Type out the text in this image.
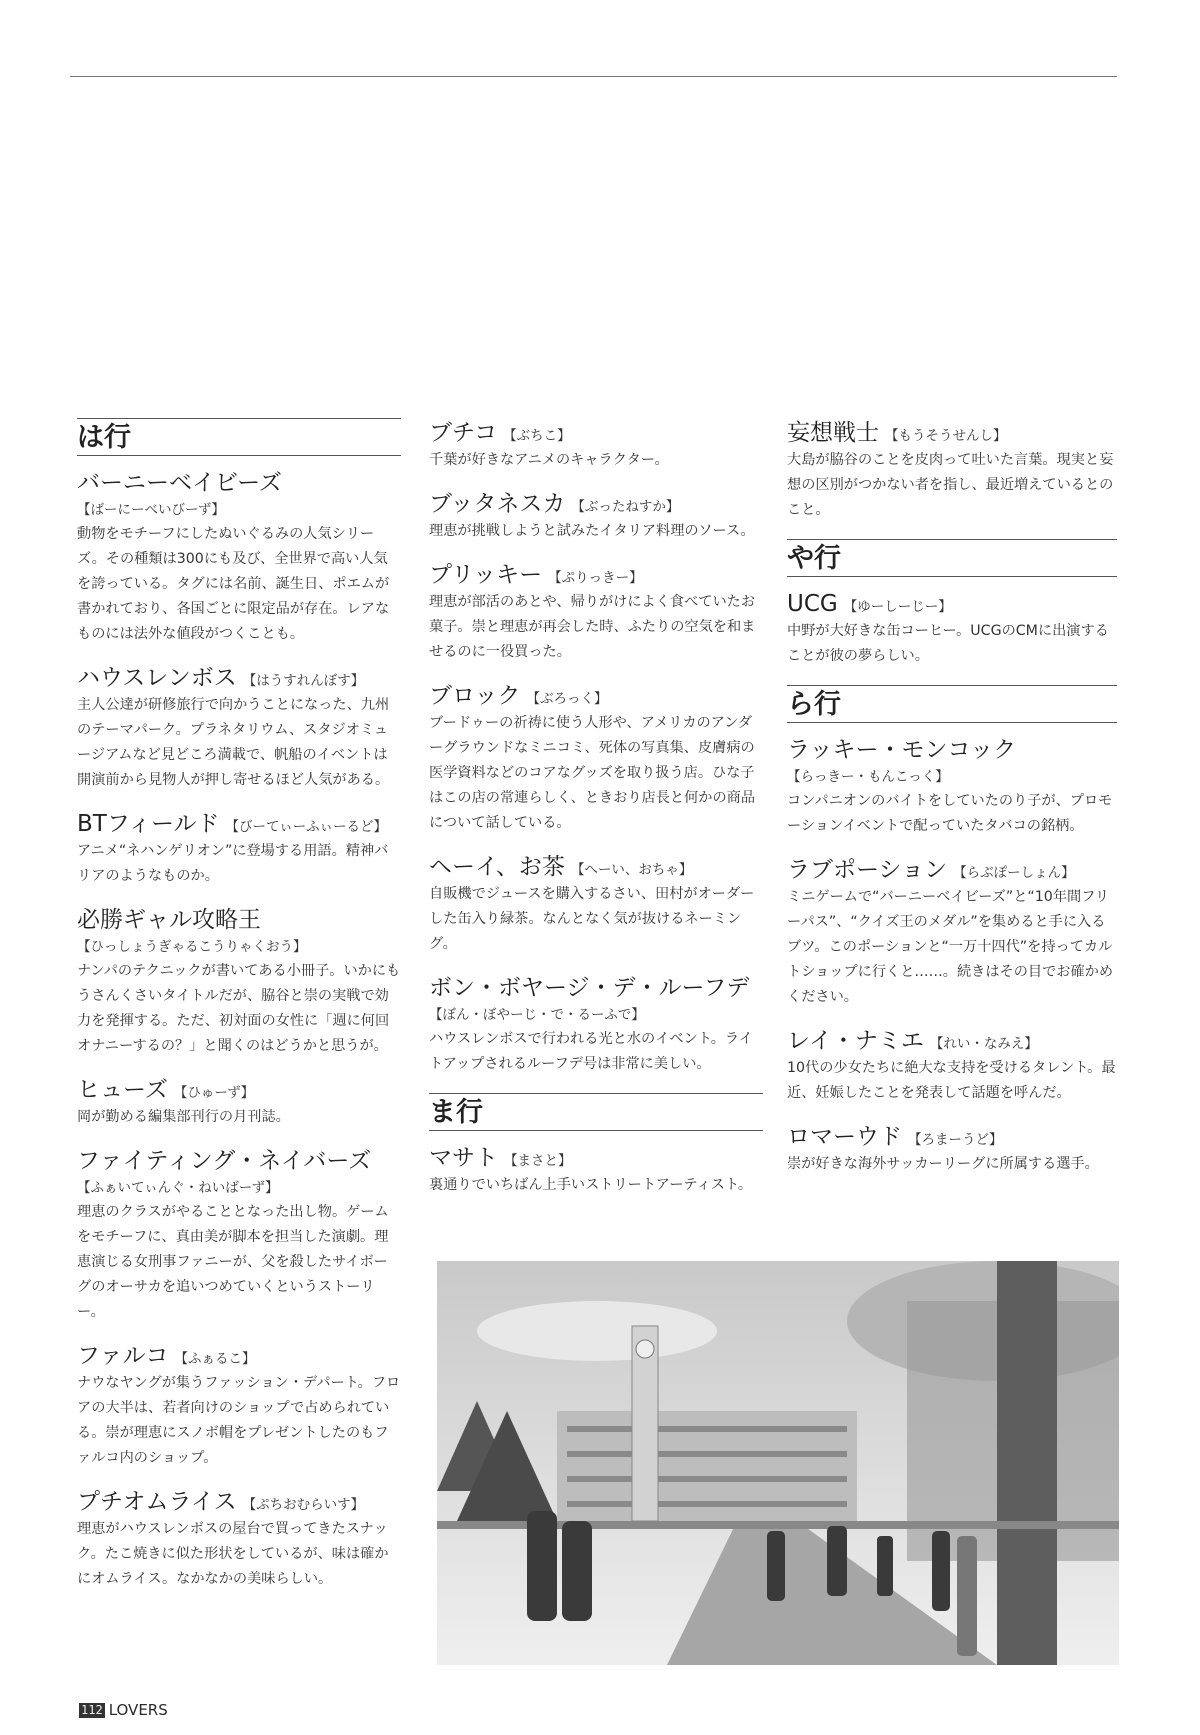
は行
バーニーベイビーズ
【ばーにーべいびーず】
動物をモチーフにしたぬいぐるみの人気シリーズ。その種類は300にも及び、全世界で高い人気を誇っている。タグには名前、誕生日、ポエムが書かれており、各国ごとに限定品が存在。レアなものには法外な値段がつくことも。
ハウスレンボス 【はうすれんぼす】
主人公達が研修旅行で向かうことになった、九州のテーマパーク。プラネタリウム、スタジオミュージアムなど見どころ満載で、帆船のイベントは開演前から見物人が押し寄せるほど人気がある。
BTフィールド 【びーてぃーふぃーるど】
アニメ“ネハンゲリオン”に登場する用語。精神バリアのようなものか。
必勝ギャル攻略王
【ひっしょうぎゃるこうりゃくおう】
ナンパのテクニックが書いてある小冊子。いかにもうさんくさいタイトルだが、脇谷と崇の実戦で効力を発揮する。ただ、初対面の女性に「週に何回オナニーするの？」と聞くのはどうかと思うが。
ヒューズ 【ひゅーず】
岡が勤める編集部刊行の月刊誌。
ファイティング・ネイバーズ
【ふぁいてぃんぐ・ねいばーず】
理恵のクラスがやることとなった出し物。ゲームをモチーフに、真由美が脚本を担当した演劇。理恵演じる女刑事ファニーが、父を殺したサイボーグのオーサカを追いつめていくというストーリー。
ファルコ 【ふぁるこ】
ナウなヤングが集うファッション・デパート。フロアの大半は、若者向けのショップで占められている。崇が理恵にスノボ帽をプレゼントしたのもファルコ内のショップ。
プチオムライス 【ぷちおむらいす】
理恵がハウスレンボスの屋台で買ってきたスナック。たこ焼きに似た形状をしているが、味は確かにオムライス。なかなかの美味らしい。
ブチコ 【ぶちこ】
千葉が好きなアニメのキャラクター。
ブッタネスカ 【ぶったねすか】
理恵が挑戦しようと試みたイタリア料理のソース。
プリッキー 【ぷりっきー】
理恵が部活のあとや、帰りがけによく食べていたお菓子。崇と理恵が再会した時、ふたりの空気を和ませるのに一役買った。
ブロック 【ぶろっく】
ブードゥーの祈祷に使う人形や、アメリカのアンダーグラウンドなミニコミ、死体の写真集、皮膚病の医学資料などのコアなグッズを取り扱う店。ひな子はこの店の常連らしく、ときおり店長と何かの商品について話している。
ヘーイ、お茶 【へーい、おちゃ】
自販機でジュースを購入するさい、田村がオーダーした缶入り緑茶。なんとなく気が抜けるネーミング。
ボン・ボヤージ・デ・ルーフデ
【ぼん・ぼやーじ・で・るーふで】
ハウスレンボスで行われる光と水のイベント。ライトアップされるルーフデ号は非常に美しい。
ま行
マサト 【まさと】
裏通りでいちばん上手いストリートアーティスト。
妄想戦士 【もうそうせんし】
大島が脇谷のことを皮肉って吐いた言葉。現実と妄想の区別がつかない者を指し、最近増えているとのこと。
や行
UCG 【ゆーしーじー】
中野が大好きな缶コーヒー。UCGのCMに出演することが彼の夢らしい。
ら行
ラッキー・モンコック
【らっきー・もんこっく】
コンパニオンのバイトをしていたのり子が、プロモーションイベントで配っていたタバコの銘柄。
ラブポーション 【らぶぽーしょん】
ミニゲームで“バーニーベイビーズ”と“10年間フリーパス”、“クイズ王のメダル”を集めると手に入るブツ。このポーションと“一万十四代”を持ってカルトショップに行くと……。続きはその目でお確かめください。
レイ・ナミエ 【れい・なみえ】
10代の少女たちに絶大な支持を受けるタレント。最近、妊娠したことを発表して話題を呼んだ。
ロマーウド 【ろまーうど】
崇が好きな海外サッカーリーグに所属する選手。
112 LOVERS
